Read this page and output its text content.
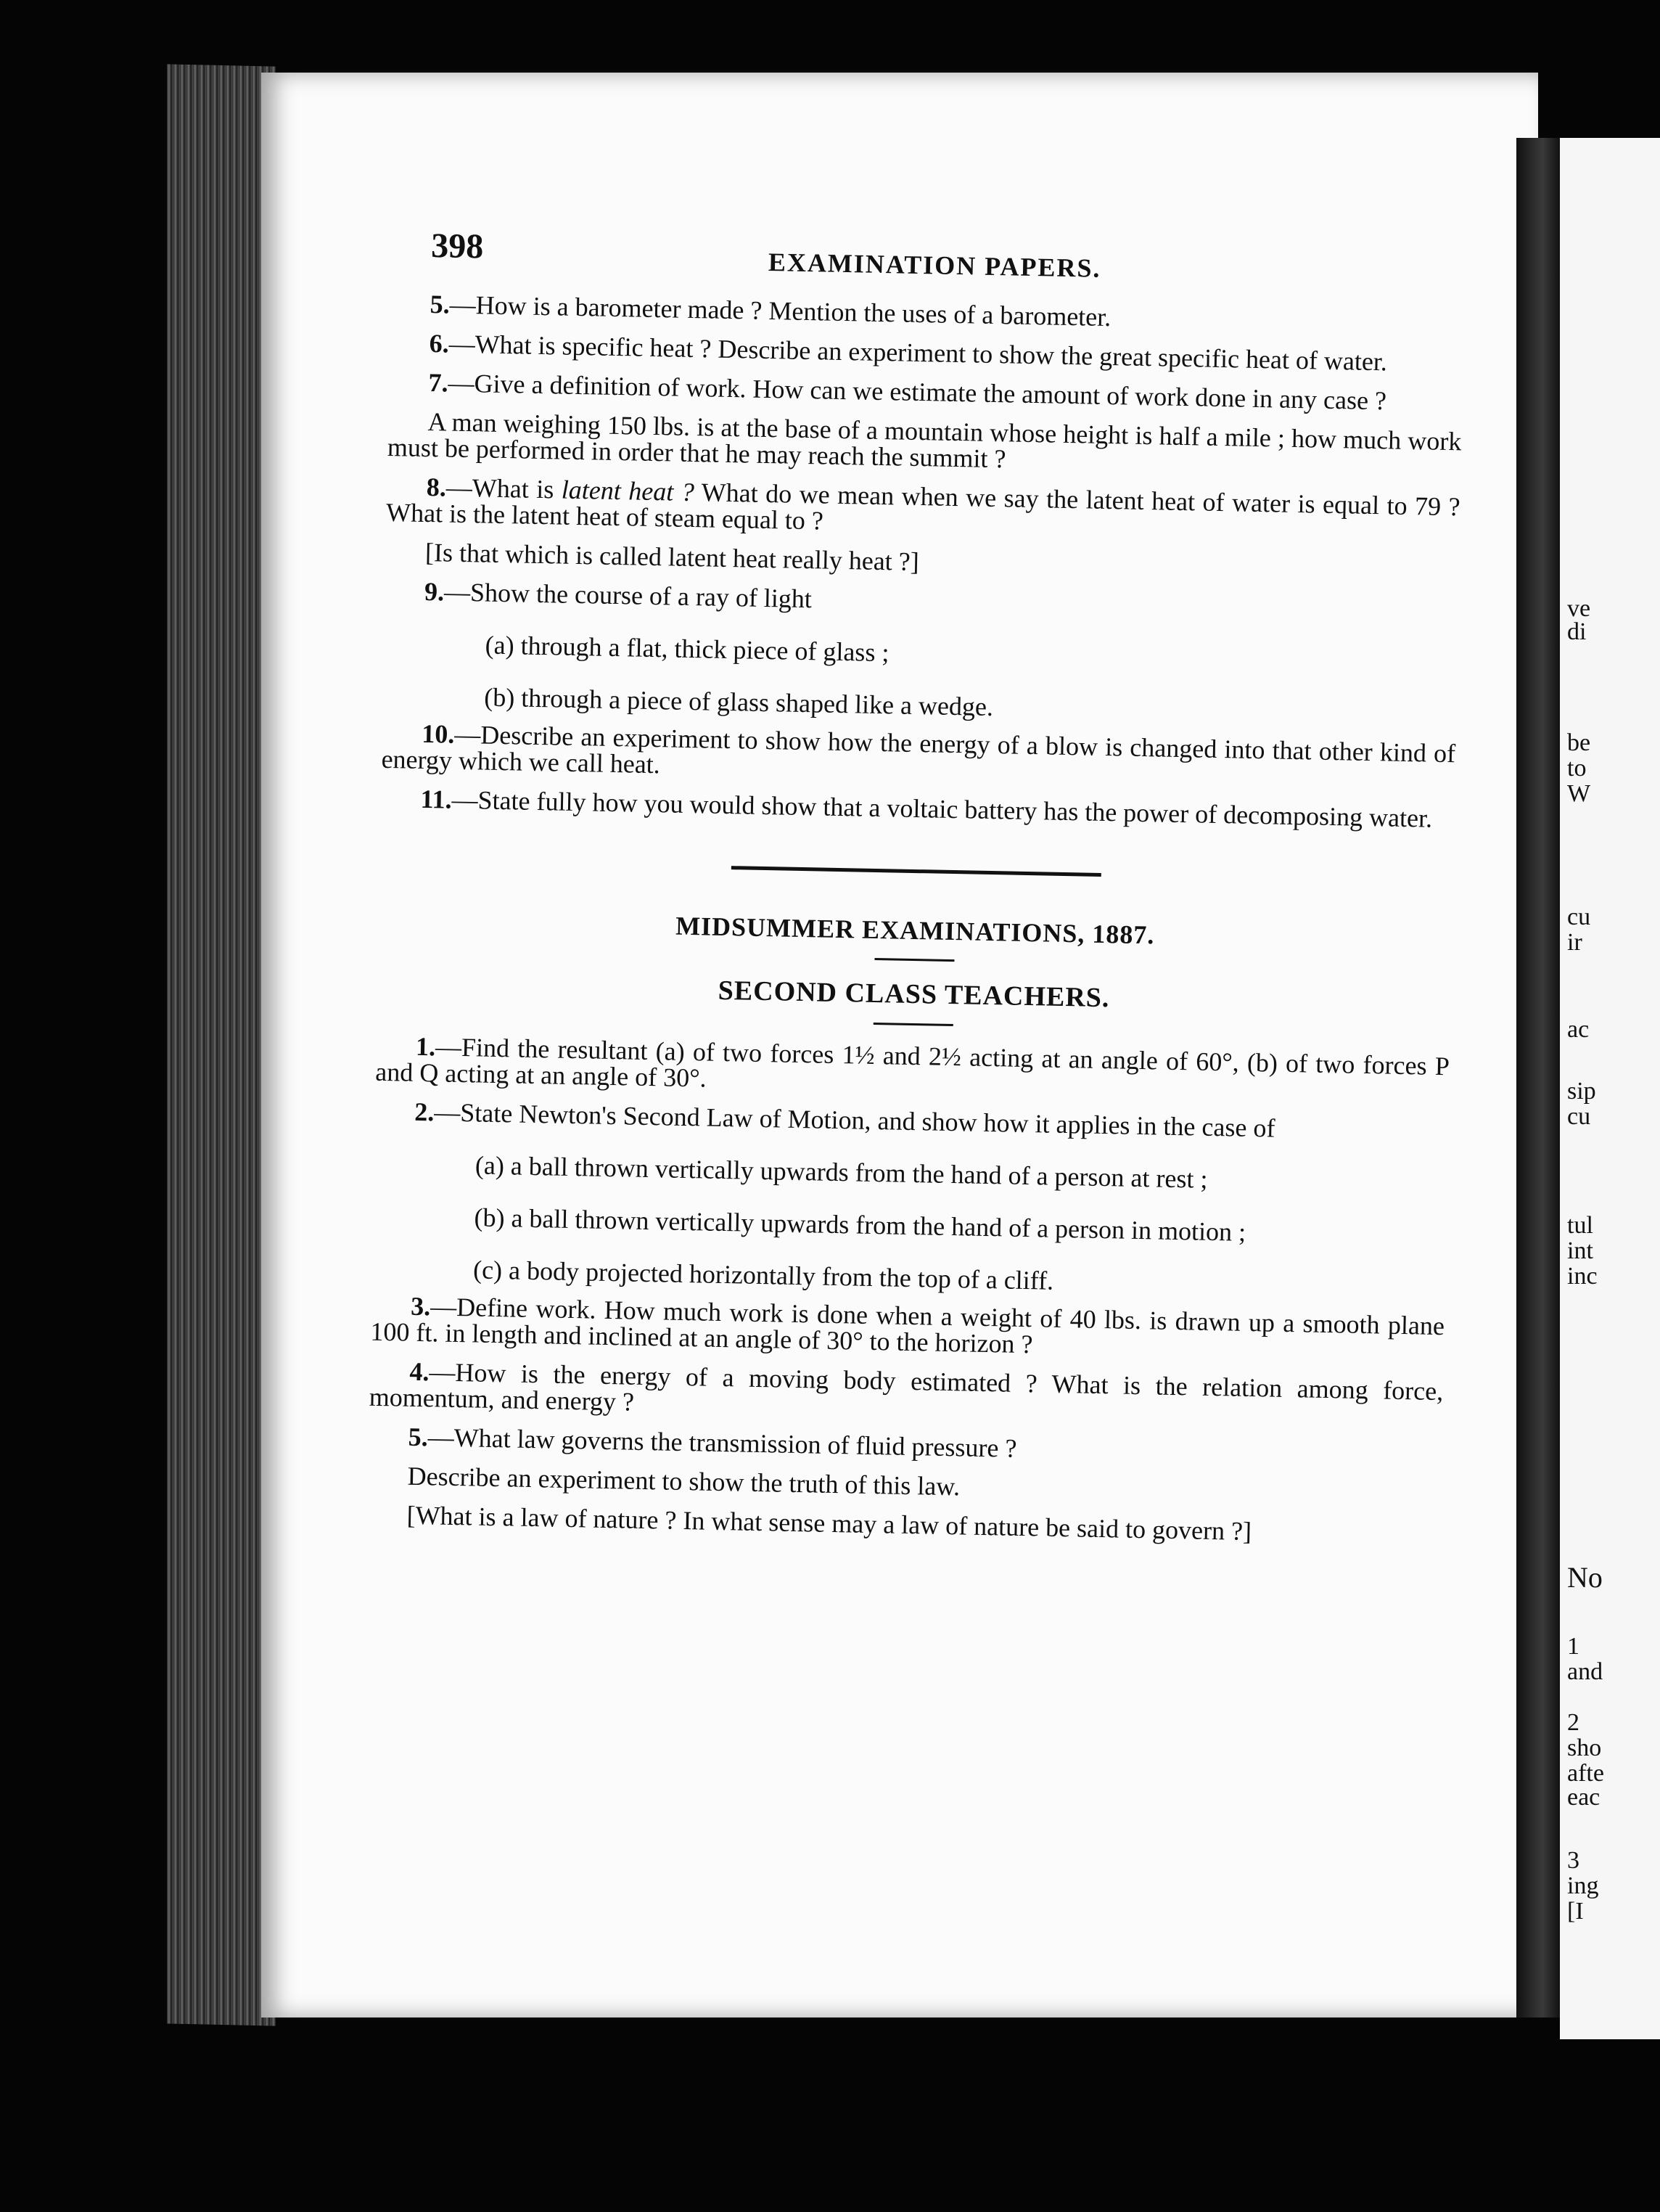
ve
di
be
to
W
cu
ir
ac
sip
cu
tul
int
inc
No
1
and
2
sho
afte
eac
3
ing
[I
398	EXAMINATION PAPERS.

5.—How is a barometer made ? Mention the uses of a barometer.

6.—What is specific heat ? Describe an experiment to show the great specific heat of water.

7.—Give a definition of work. How can we estimate the amount of work done in any case ?

A man weighing 150 lbs. is at the base of a mountain whose height is half a mile ; how much work must be performed in order that he may reach the summit ?

8.—What is latent heat ? What do we mean when we say the latent heat of water is equal to 79 ? What is the latent heat of steam equal to ?

[Is that which is called latent heat really heat ?]

9.—Show the course of a ray of light

(a) through a flat, thick piece of glass ;

(b) through a piece of glass shaped like a wedge.

10.—Describe an experiment to show how the energy of a blow is changed into that other kind of energy which we call heat.

11.—State fully how you would show that a voltaic battery has the power of decomposing water.

MIDSUMMER EXAMINATIONS, 1887.
SECOND CLASS TEACHERS.

1.—Find the resultant (a) of two forces 1½ and 2½ acting at an angle of 60°, (b) of two forces P and Q acting at an angle of 30°.

2.—State Newton's Second Law of Motion, and show how it applies in the case of

(a) a ball thrown vertically upwards from the hand of a person at rest ;

(b) a ball thrown vertically upwards from the hand of a person in motion ;

(c) a body projected horizontally from the top of a cliff.

3.—Define work. How much work is done when a weight of 40 lbs. is drawn up a smooth plane 100 ft. in length and inclined at an angle of 30° to the horizon ?

4.—How is the energy of a moving body estimated ? What is the relation among force, momentum, and energy ?

5.—What law governs the transmission of fluid pressure ?

Describe an experiment to show the truth of this law.

[What is a law of nature ? In what sense may a law of nature be said to govern ?]
